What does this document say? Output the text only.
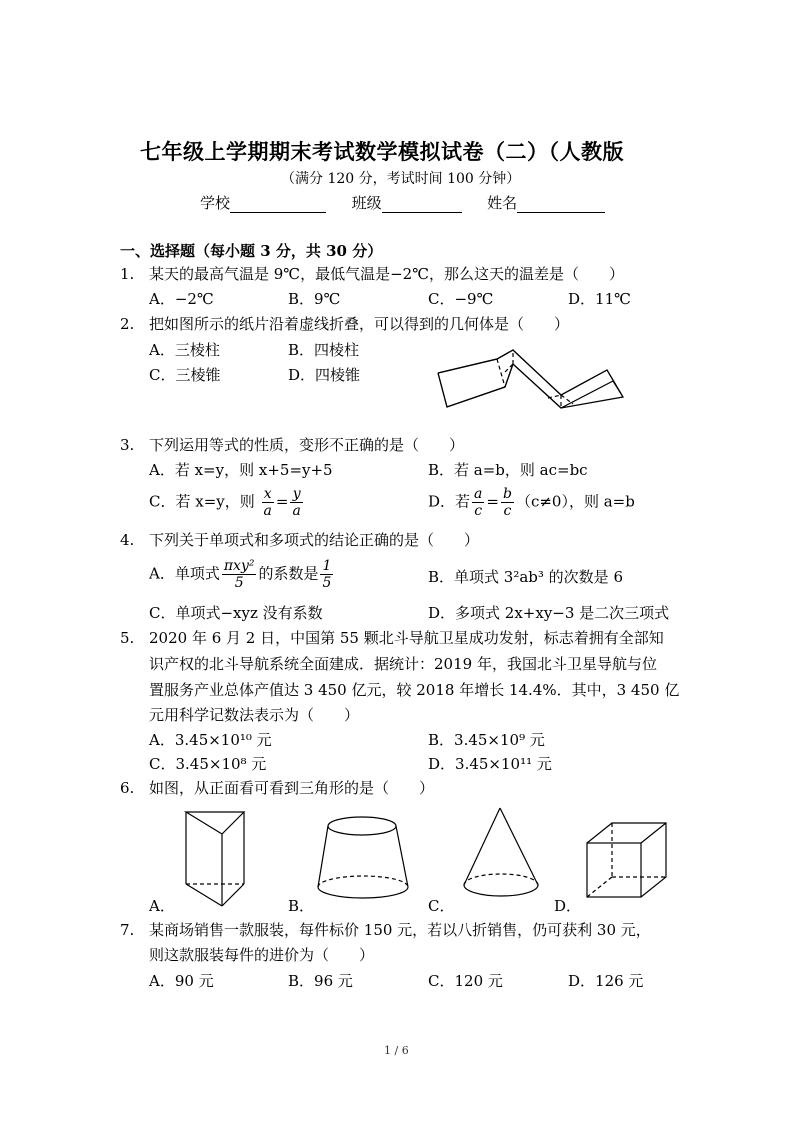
七年级上学期期末考试数学模拟试卷（二）（人教版
（满分 120 分，考试时间 100 分钟）
学校	班级	姓名
一、选择题（每小题 3 分，共 30 分）
1. 某天的最高气温是 9℃，最低气温是−2℃，那么这天的温差是（　　）
A．−2℃	B．9℃	C．−9℃	D．11℃
2. 把如图所示的纸片沿着虚线折叠，可以得到的几何体是（　　）
A．三棱柱	B．四棱柱
C．三棱锥	D．四棱锥
3. 下列运用等式的性质，变形不正确的是（　　）
A．若 x=y，则 x+5=y+5	B．若 a=b，则 ac=bc
C．若 x=y，则 $\frac{x}{a} = \frac{y}{a}$	D．若 $\frac{a}{c} = \frac{b}{c} (c\ne 0)$，则 a=b
4. 下列关于单项式和多项式的结论正确的是（　　）
A．单项式 $\frac{\text{πxy²}}{5}$ 的系数是 $\frac{1}{5}$	B．单项式 3²ab³ 的次数是 6
C．单项式−xyz 没有系数	D．多项式 2x+xy−3 是二次三项式
5. 2020 年 6 月 2 日，中国第 55 颗北斗导航卫星成功发射，标志着拥有全部知
识产权的北斗导航系统全面建成．据统计：2019 年，我国北斗卫星导航与位
置服务产业总体产值达 3 450 亿元，较 2018 年增长 14.4%．其中，3 450 亿
元用科学记数法表示为（　　）
A．3.45×10¹⁰ 元	B．3.45×10⁹ 元
C．3.45×10⁸ 元	D．3.45×10¹¹ 元
6. 如图，从正面看可看到三角形的是（　　）
A．	B．	C．	D．
7. 某商场销售一款服装，每件标价 150 元，若以八折销售，仍可获利 30 元，
则这款服装每件的进价为（　　）
A．90 元	B．96 元	C．120 元	D．126 元
1 / 6
